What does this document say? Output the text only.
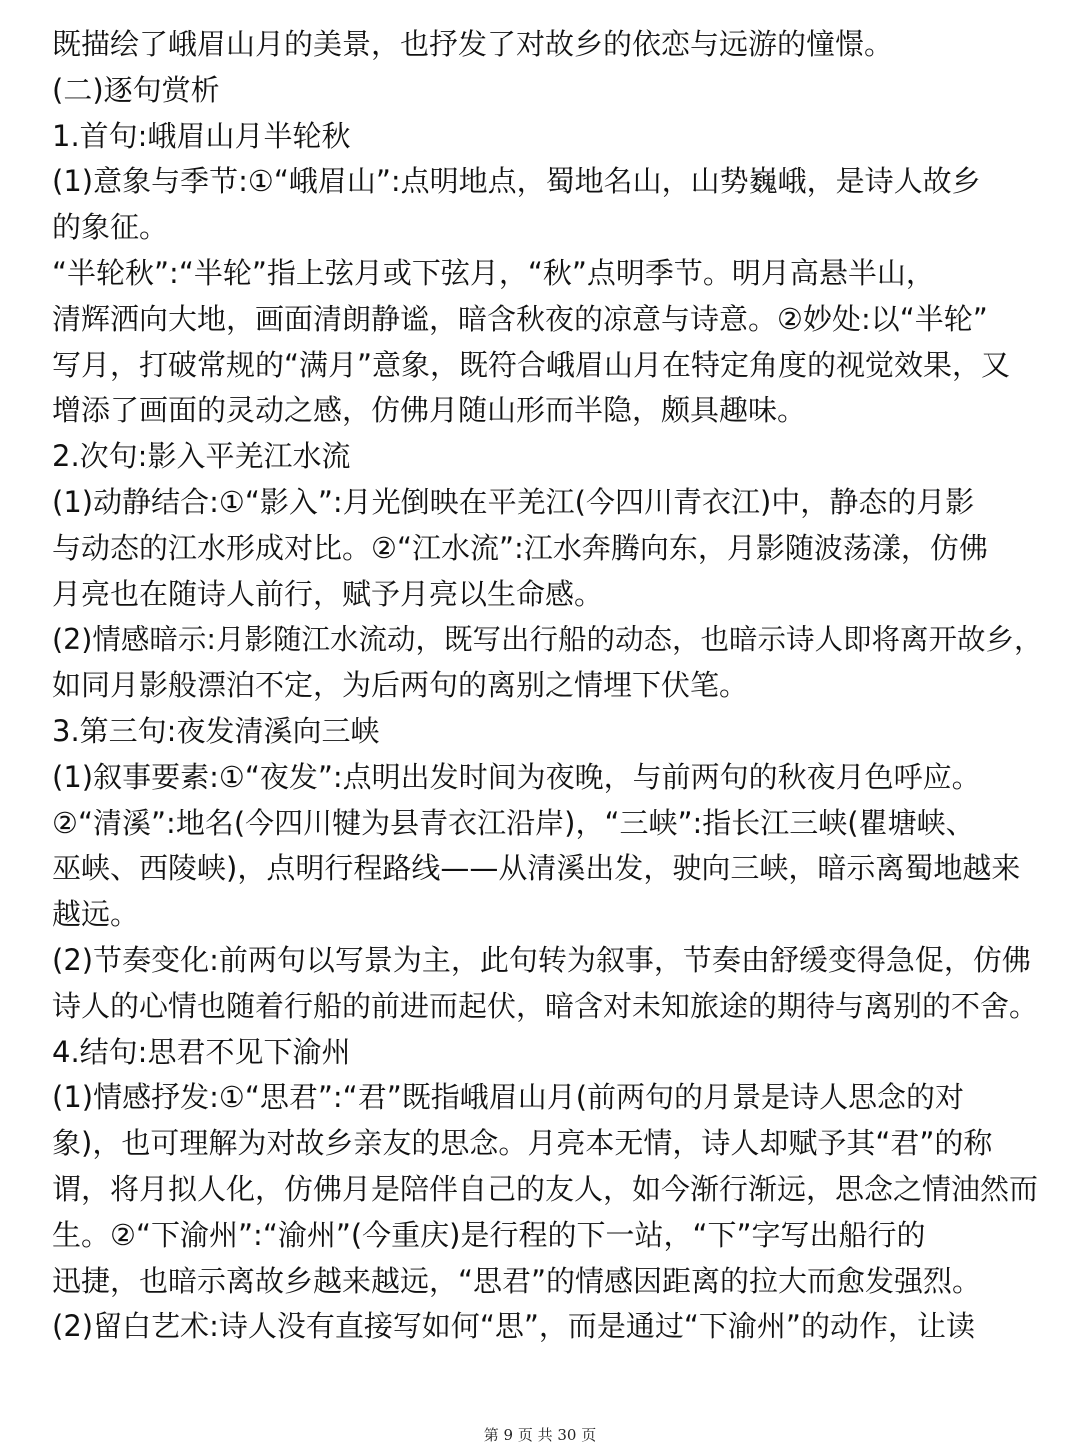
既描绘了峨眉山月的美景，也抒发了对故乡的依恋与远游的憧憬。
(二)逐句赏析
1.首句:峨眉山月半轮秋
(1)意象与季节:①“峨眉山”:点明地点，蜀地名山，山势巍峨，是诗人故乡
的象征。
“半轮秋”:“半轮”指上弦月或下弦月，“秋”点明季节。明月高悬半山，
清辉洒向大地，画面清朗静谧，暗含秋夜的凉意与诗意。②妙处:以“半轮”
写月，打破常规的“满月”意象，既符合峨眉山月在特定角度的视觉效果，又
增添了画面的灵动之感，仿佛月随山形而半隐，颇具趣味。
2.次句:影入平羌江水流
(1)动静结合:①“影入”:月光倒映在平羌江(今四川青衣江)中，静态的月影
与动态的江水形成对比。②“江水流”:江水奔腾向东，月影随波荡漾，仿佛
月亮也在随诗人前行，赋予月亮以生命感。
(2)情感暗示:月影随江水流动，既写出行船的动态，也暗示诗人即将离开故乡，
如同月影般漂泊不定，为后两句的离别之情埋下伏笔。
3.第三句:夜发清溪向三峡
(1)叙事要素:①“夜发”:点明出发时间为夜晚，与前两句的秋夜月色呼应。
②“清溪”:地名(今四川犍为县青衣江沿岸)，“三峡”:指长江三峡(瞿塘峡、
巫峡、西陵峡)，点明行程路线——从清溪出发，驶向三峡，暗示离蜀地越来
越远。
(2)节奏变化:前两句以写景为主，此句转为叙事，节奏由舒缓变得急促，仿佛
诗人的心情也随着行船的前进而起伏，暗含对未知旅途的期待与离别的不舍。
4.结句:思君不见下渝州
(1)情感抒发:①“思君”:“君”既指峨眉山月(前两句的月景是诗人思念的对
象)，也可理解为对故乡亲友的思念。月亮本无情，诗人却赋予其“君”的称
谓，将月拟人化，仿佛月是陪伴自己的友人，如今渐行渐远，思念之情油然而
生。②“下渝州”:“渝州”(今重庆)是行程的下一站，“下”字写出船行的
迅捷，也暗示离故乡越来越远，“思君”的情感因距离的拉大而愈发强烈。
(2)留白艺术:诗人没有直接写如何“思”，而是通过“下渝州”的动作，让读
第 9 页 共 30 页
